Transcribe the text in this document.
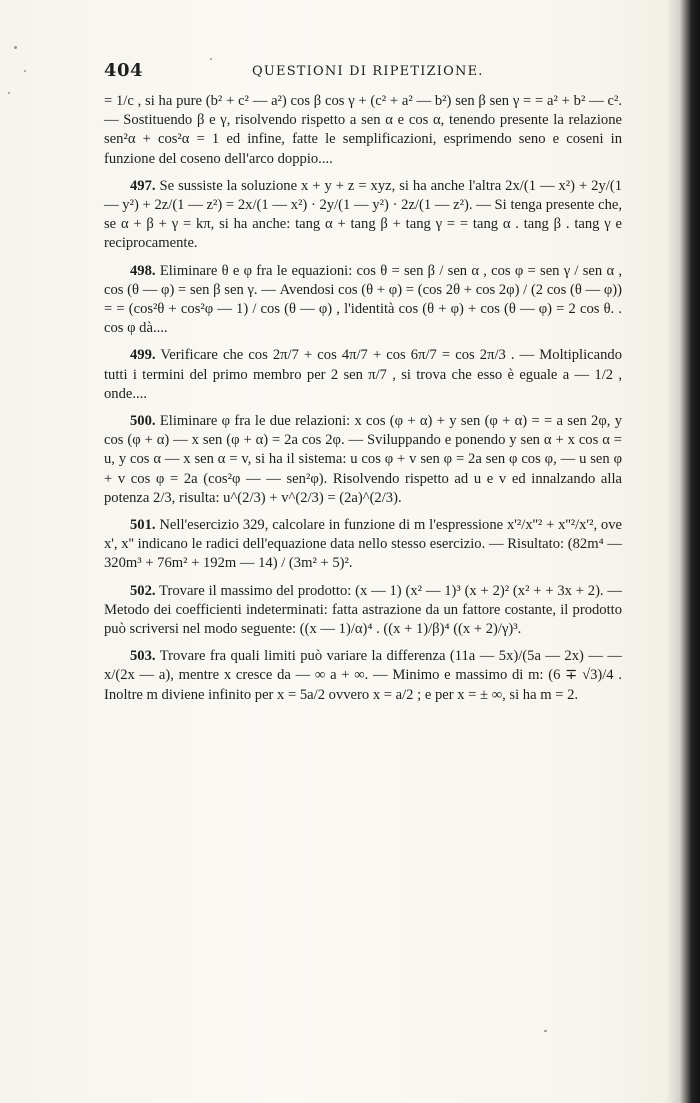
404	QUESTIONI DI RIPETIZIONE.

= 1/c , si ha pure (b² + c² — a²) cos β cos γ + (c² + a² — b²) sen β sen γ = = a² + b² — c². — Sostituendo β e γ, risolvendo rispetto a sen α e cos α, tenendo presente la relazione sen²α + cos²α = 1 ed infine, fatte le semplificazioni, esprimendo seno e coseni in funzione del coseno dell'arco doppio....

497. Se sussiste la soluzione x + y + z = xyz, si ha anche l'altra 2x/(1 — x²) + 2y/(1 — y²) + 2z/(1 — z²) = 2x/(1 — x²) · 2y/(1 — y²) · 2z/(1 — z²). — Si tenga presente che, se α + β + γ = kπ, si ha anche: tang α + tang β + tang γ = = tang α . tang β . tang γ e reciprocamente.

498. Eliminare θ e φ fra le equazioni: cos θ = sen β / sen α , cos φ = sen γ / sen α , cos (θ — φ) = sen β sen γ. — Avendosi cos (θ + φ) = (cos 2θ + cos 2φ) / (2 cos (θ — φ)) = = (cos²θ + cos²φ — 1) / cos (θ — φ) , l'identità cos (θ + φ) + cos (θ — φ) = 2 cos θ. . cos φ dà....

499. Verificare che cos 2π/7 + cos 4π/7 + cos 6π/7 = cos 2π/3 . — Moltiplicando tutti i termini del primo membro per 2 sen π/7 , si trova che esso è eguale a — 1/2 , onde....

500. Eliminare φ fra le due relazioni: x cos (φ + α) + y sen (φ + α) = = a sen 2φ, y cos (φ + α) — x sen (φ + α) = 2a cos 2φ. — Sviluppando e ponendo y sen α + x cos α = u, y cos α — x sen α = v, si ha il sistema: u cos φ + v sen φ = 2a sen φ cos φ, — u sen φ + v cos φ = 2a (cos²φ — — sen²φ). Risolvendo rispetto ad u e v ed innalzando alla potenza 2/3, risulta: u^(2/3) + v^(2/3) = (2a)^(2/3).

501. Nell'esercizio 329, calcolare in funzione di m l'espressione x'²/x''² + x''²/x'², ove x', x'' indicano le radici dell'equazione data nello stesso esercizio. — Risultato: (82m⁴ — 320m³ + 76m² + 192m — 14) / (3m² + 5)².

502. Trovare il massimo del prodotto: (x — 1) (x² — 1)³ (x + 2)² (x² + + 3x + 2). — Metodo dei coefficienti indeterminati: fatta astrazione da un fattore costante, il prodotto può scriversi nel modo seguente: ((x — 1)/α)⁴ . ((x + 1)/β)⁴ ((x + 2)/γ)³.

503. Trovare fra quali limiti può variare la differenza (11a — 5x)/(5a — 2x) — — x/(2x — a), mentre x cresce da — ∞ a + ∞. — Minimo e massimo di m: (6 ∓ √3)/4 . Inoltre m diviene infinito per x = 5a/2 ovvero x = a/2 ; e per x = ± ∞, si ha m = 2.
